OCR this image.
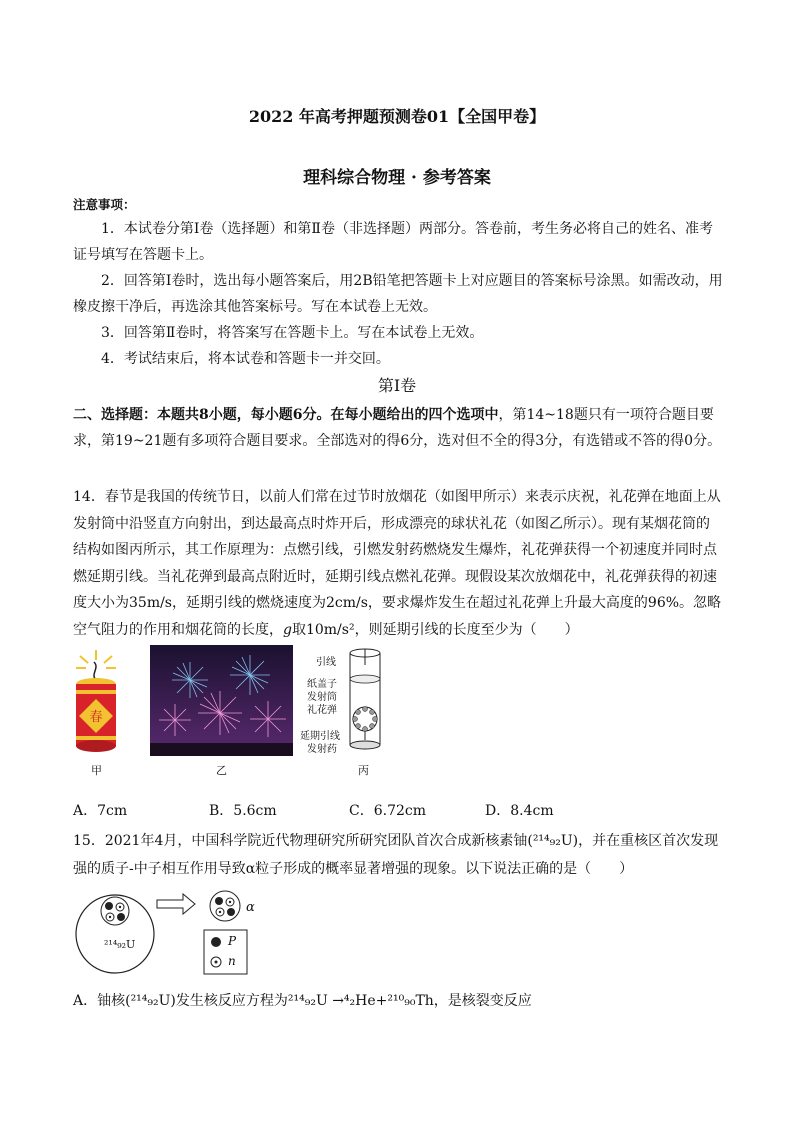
2022 年高考押题预测卷01【全国甲卷】
理科综合物理 · 参考答案
注意事项：
1．本试卷分第Ⅰ卷（选择题）和第Ⅱ卷（非选择题）两部分。答卷前，考生务必将自己的姓名、准考证号填写在答题卡上。
2．回答第Ⅰ卷时，选出每小题答案后，用2B铅笔把答题卡上对应题目的答案标号涂黑。如需改动，用橡皮擦干净后，再选涂其他答案标号。写在本试卷上无效。
3．回答第Ⅱ卷时，将答案写在答题卡上。写在本试卷上无效。
4．考试结束后，将本试卷和答题卡一并交回。
第Ⅰ卷
二、选择题：本题共8小题，每小题6分。在每小题给出的四个选项中，第14~18题只有一项符合题目要求，第19~21题有多项符合题目要求。全部选对的得6分，选对但不全的得3分，有选错或不答的得0分。
14．春节是我国的传统节日，以前人们常在过节时放烟花（如图甲所示）来表示庆祝，礼花弹在地面上从发射筒中沿竖直方向射出，到达最高点时炸开后，形成漂亮的球状礼花（如图乙所示）。现有某烟花筒的结构如图丙所示，其工作原理为：点燃引线，引燃发射药燃烧发生爆炸，礼花弹获得一个初速度并同时点燃延期引线。当礼花弹到最高点附近时，延期引线点燃礼花弹。现假设某次放烟花中，礼花弹获得的初速度大小为35m/s，延期引线的燃烧速度为2cm/s，要求爆炸发生在超过礼花弹上升最大高度的96%。忽略空气阻力的作用和烟花筒的长度，g取10m/s²，则延期引线的长度至少为（　　）
春
甲	乙
引线
纸盖子
发射筒
礼花弹
延期引线
发射药
丙
A．7cm	B．5.6cm	C．6.72cm	D．8.4cm
15．2021年4月，中国科学院近代物理研究所研究团队首次合成新核素铀(²¹⁴₉₂U)，并在重核区首次发现强的质子-中子相互作用导致α粒子形成的概率显著增强的现象。以下说法正确的是（　　）
²¹⁴₉₂U
α
P
n
A．铀核(²¹⁴₉₂U)发生核反应方程为²¹⁴₉₂U →⁴₂He+²¹⁰₉₀Th，是核裂变反应
